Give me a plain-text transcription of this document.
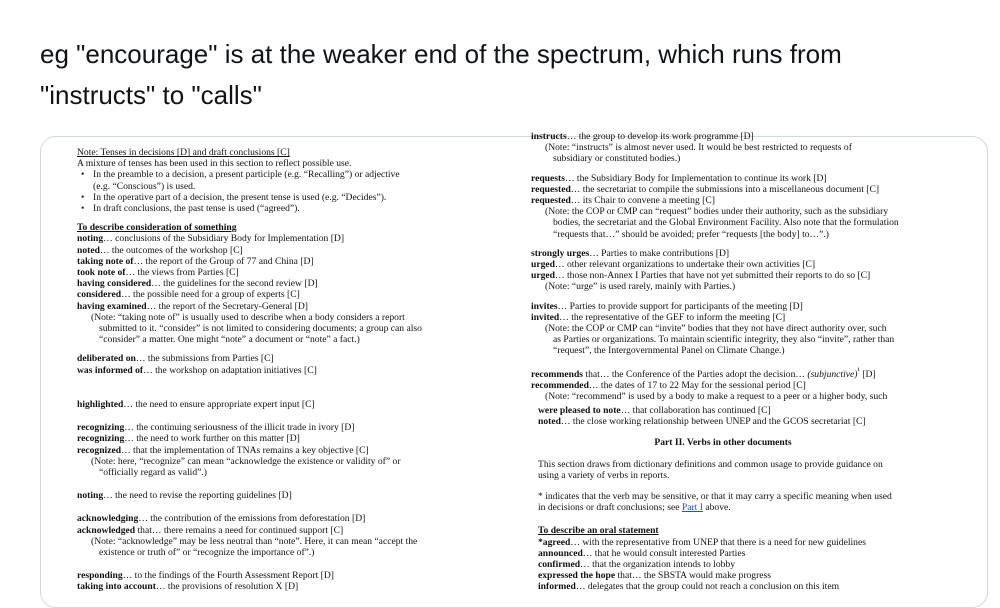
eg "encourage" is at the weaker end of the spectrum, which runs from
"instructs" to "calls"

Note: Tenses in decisions [D] and draft conclusions [C]

A mixture of tenses has been used in this section to reflect possible use.

• In the preamble to a decision, a present participle (e.g. “Recalling”) or adjective

(e.g. “Conscious”) is used.

• In the operative part of a decision, the present tense is used (e.g. “Decides”).

• In draft conclusions, the past tense is used (“agreed”).

To describe consideration of something

noting… conclusions of the Subsidiary Body for Implementation [D]

noted… the outcomes of the workshop [C]

taking note of… the report of the Group of 77 and China [D]

took note of… the views from Parties [C]

having considered… the guidelines for the second review [D]

considered… the possible need for a group of experts [C]

having examined… the report of the Secretary-General [D]

(Note: “taking note of” is usually used to describe when a body considers a report

submitted to it. “consider” is not limited to considering documents; a group can also

“consider” a matter. One might “note” a document or “note” a fact.)

deliberated on… the submissions from Parties [C]

was informed of… the workshop on adaptation initiatives [C]

highlighted… the need to ensure appropriate expert input [C]

recognizing… the continuing seriousness of the illicit trade in ivory [D]

recognizing… the need to work further on this matter [D]

recognized… that the implementation of TNAs remains a key objective [C]

(Note: here, “recognize” can mean “acknowledge the existence or validity of” or

“officially regard as valid”.)

noting… the need to revise the reporting guidelines [D]

acknowledging… the contribution of the emissions from deforestation [D]

acknowledged that… there remains a need for continued support [C]

(Note: “acknowledge” may be less neutral than “note”. Here, it can mean “accept the

existence or truth of” or “recognize the importance of”.)

responding… to the findings of the Fourth Assessment Report [D]

taking into account… the provisions of resolution X [D]

instructs… the group to develop its work programme [D]

(Note: “instructs” is almost never used. It would be best restricted to requests of

subsidiary or constituted bodies.)

requests… the Subsidiary Body for Implementation to continue its work [D]

requested… the secretariat to compile the submissions into a miscellaneous document [C]

requested… its Chair to convene a meeting [C]

(Note: the COP or CMP can “request” bodies under their authority, such as the subsidiary

bodies, the secretariat and the Global Environment Facility. Also note that the formulation

“requests that…” should be avoided; prefer “requests [the body] to…”.)

strongly urges… Parties to make contributions [D]

urged… other relevant organizations to undertake their own activities [C]

urged… those non-Annex I Parties that have not yet submitted their reports to do so [C]

(Note: “urge” is used rarely, mainly with Parties.)

invites… Parties to provide support for participants of the meeting [D]

invited… the representative of the GEF to inform the meeting [C]

(Note: the COP or CMP can “invite” bodies that they not have direct authority over, such

as Parties or organizations. To maintain scientific integrity, they also “invite”, rather than

“request”, the Intergovernmental Panel on Climate Change.)

recommends that… the Conference of the Parties adopt the decision… (subjunctive)$^{^1}$ [D]

recommended… the dates of 17 to 22 May for the sessional period [C]

(Note: “recommend” is used by a body to make a request to a peer or a higher body, such

were pleased to note… that collaboration has continued [C]

noted… the close working relationship between UNEP and the GCOS secretariat [C]

Part II. Verbs in other documents

This section draws from dictionary definitions and common usage to provide guidance on

using a variety of verbs in reports.

* indicates that the verb may be sensitive, or that it may carry a specific meaning when used

in decisions or draft conclusions; see Part I above.

To describe an oral statement

*agreed… with the representative from UNEP that there is a need for new guidelines

announced… that he would consult interested Parties

confirmed… that the organization intends to lobby

expressed the hope that… the SBSTA would make progress

informed… delegates that the group could not reach a conclusion on this item
